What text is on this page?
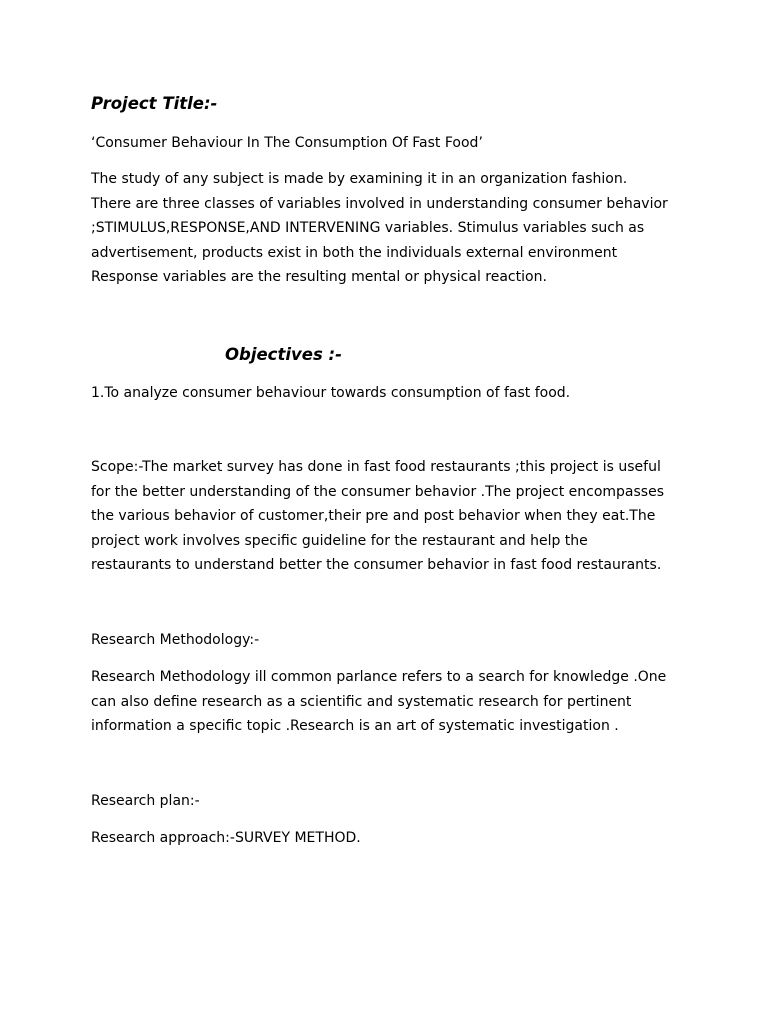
Project Title:-

‘Consumer Behaviour In The Consumption Of Fast Food’

The study of any subject is made by examining it in an organization fashion.
There are three classes of variables involved in understanding consumer behavior
;STIMULUS,RESPONSE,AND INTERVENING variables. Stimulus variables such as
advertisement, products exist in both the individuals external environment
Response variables are the resulting mental or physical reaction.

Objectives :-

1.To analyze consumer behaviour towards consumption of fast food.

Scope:-The market survey has done in fast food restaurants ;this project is useful
for the better understanding of the consumer behavior .The project encompasses
the various behavior of customer,their pre and post behavior when they eat.The
project work involves specific guideline for the restaurant and help the
restaurants to understand better the consumer behavior in fast food restaurants.

Research Methodology:-

Research Methodology ill common parlance refers to a search for knowledge .One
can also define research as a scientific and systematic research for pertinent
information a specific topic .Research is an art of systematic investigation .

Research plan:-

Research approach:-SURVEY METHOD.
